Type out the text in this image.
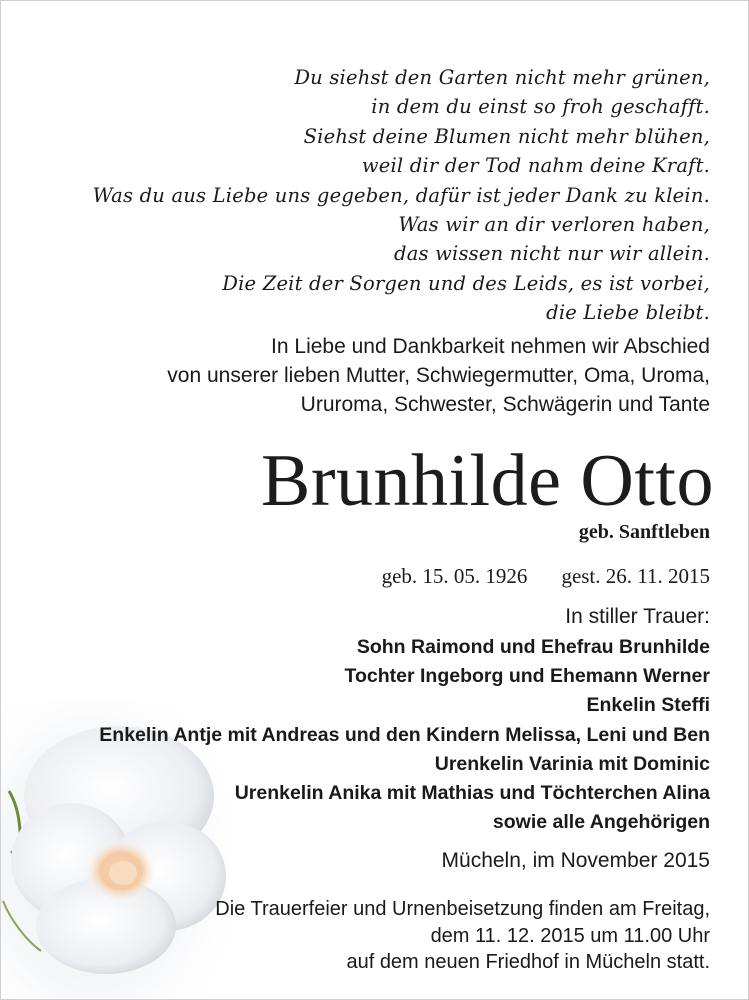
Du siehst den Garten nicht mehr grünen,
in dem du einst so froh geschafft.
Siehst deine Blumen nicht mehr blühen,
weil dir der Tod nahm deine Kraft.
Was du aus Liebe uns gegeben, dafür ist jeder Dank zu klein.
Was wir an dir verloren haben,
das wissen nicht nur wir allein.
Die Zeit der Sorgen und des Leids, es ist vorbei,
die Liebe bleibt.
In Liebe und Dankbarkeit nehmen wir Abschied
von unserer lieben Mutter, Schwiegermutter, Oma, Uroma,
Ururoma, Schwester, Schwägerin und Tante
Brunhilde Otto
geb. Sanftleben
geb. 15. 05. 1926 gest. 26. 11. 2015
In stiller Trauer:
Sohn Raimond und Ehefrau Brunhilde
Tochter Ingeborg und Ehemann Werner
Enkelin Steffi
Enkelin Antje mit Andreas und den Kindern Melissa, Leni und Ben
Urenkelin Varinia mit Dominic
Urenkelin Anika mit Mathias und Töchterchen Alina
sowie alle Angehörigen
Mücheln, im November 2015
Die Trauerfeier und Urnenbeisetzung finden am Freitag,
dem 11. 12. 2015 um 11.00 Uhr
auf dem neuen Friedhof in Mücheln statt.
